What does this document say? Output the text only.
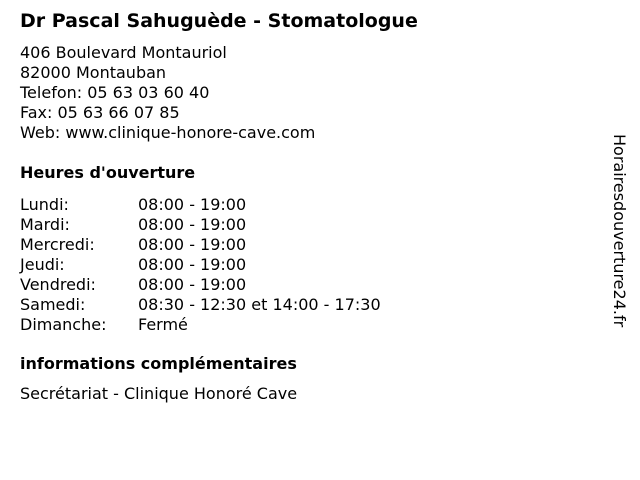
Dr Pascal Sahuguède - Stomatologue
406 Boulevard Montauriol
82000 Montauban
Telefon: 05 63 03 60 40
Fax: 05 63 66 07 85
Web: www.clinique-honore-cave.com
Heures d'ouverture
Lundi:	08:00 - 19:00
Mardi:	08:00 - 19:00
Mercredi:	08:00 - 19:00
Jeudi:	08:00 - 19:00
Vendredi:	08:00 - 19:00
Samedi:	08:30 - 12:30 et 14:00 - 17:30
Dimanche:	Fermé
informations complémentaires
Secrétariat - Clinique Honoré Cave
Horairesdouverture24.fr
